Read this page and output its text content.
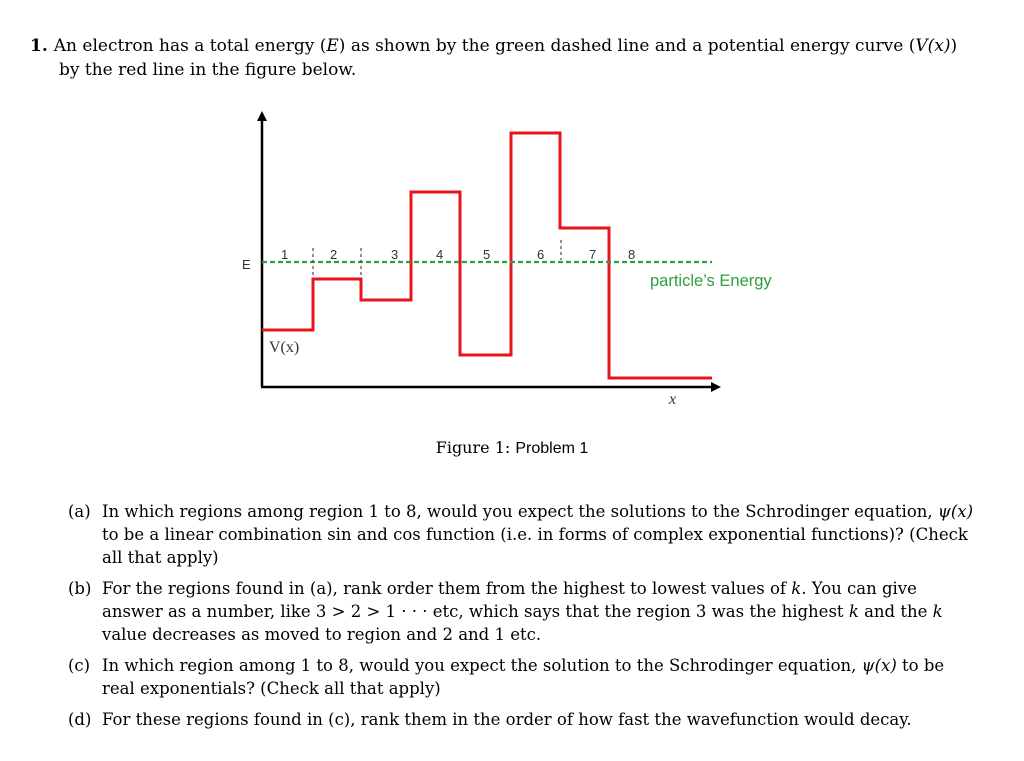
1. An electron has a total energy (E) as shown by the green dashed line and a potential energy curve (V(x))
by the red line in the figure below.
E
V(x)
x
particle’s Energy
1	2	3	4	5	6	7 8
Figure 1: Problem 1
(a) In which regions among region 1 to 8, would you expect the solutions to the Schrodinger equation, ψ(x) to be a linear combination sin and cos function (i.e. in forms of complex exponential functions)? (Check all that apply)
(b) For the regions found in (a), rank order them from the highest to lowest values of k. You can give answer as a number, like 3 > 2 > 1 · · · etc, which says that the region 3 was the highest k and the k value decreases as moved to region and 2 and 1 etc.
(c) In which region among 1 to 8, would you expect the solution to the Schrodinger equation, ψ(x) to be real exponentials? (Check all that apply)
(d) For these regions found in (c), rank them in the order of how fast the wavefunction would decay.
